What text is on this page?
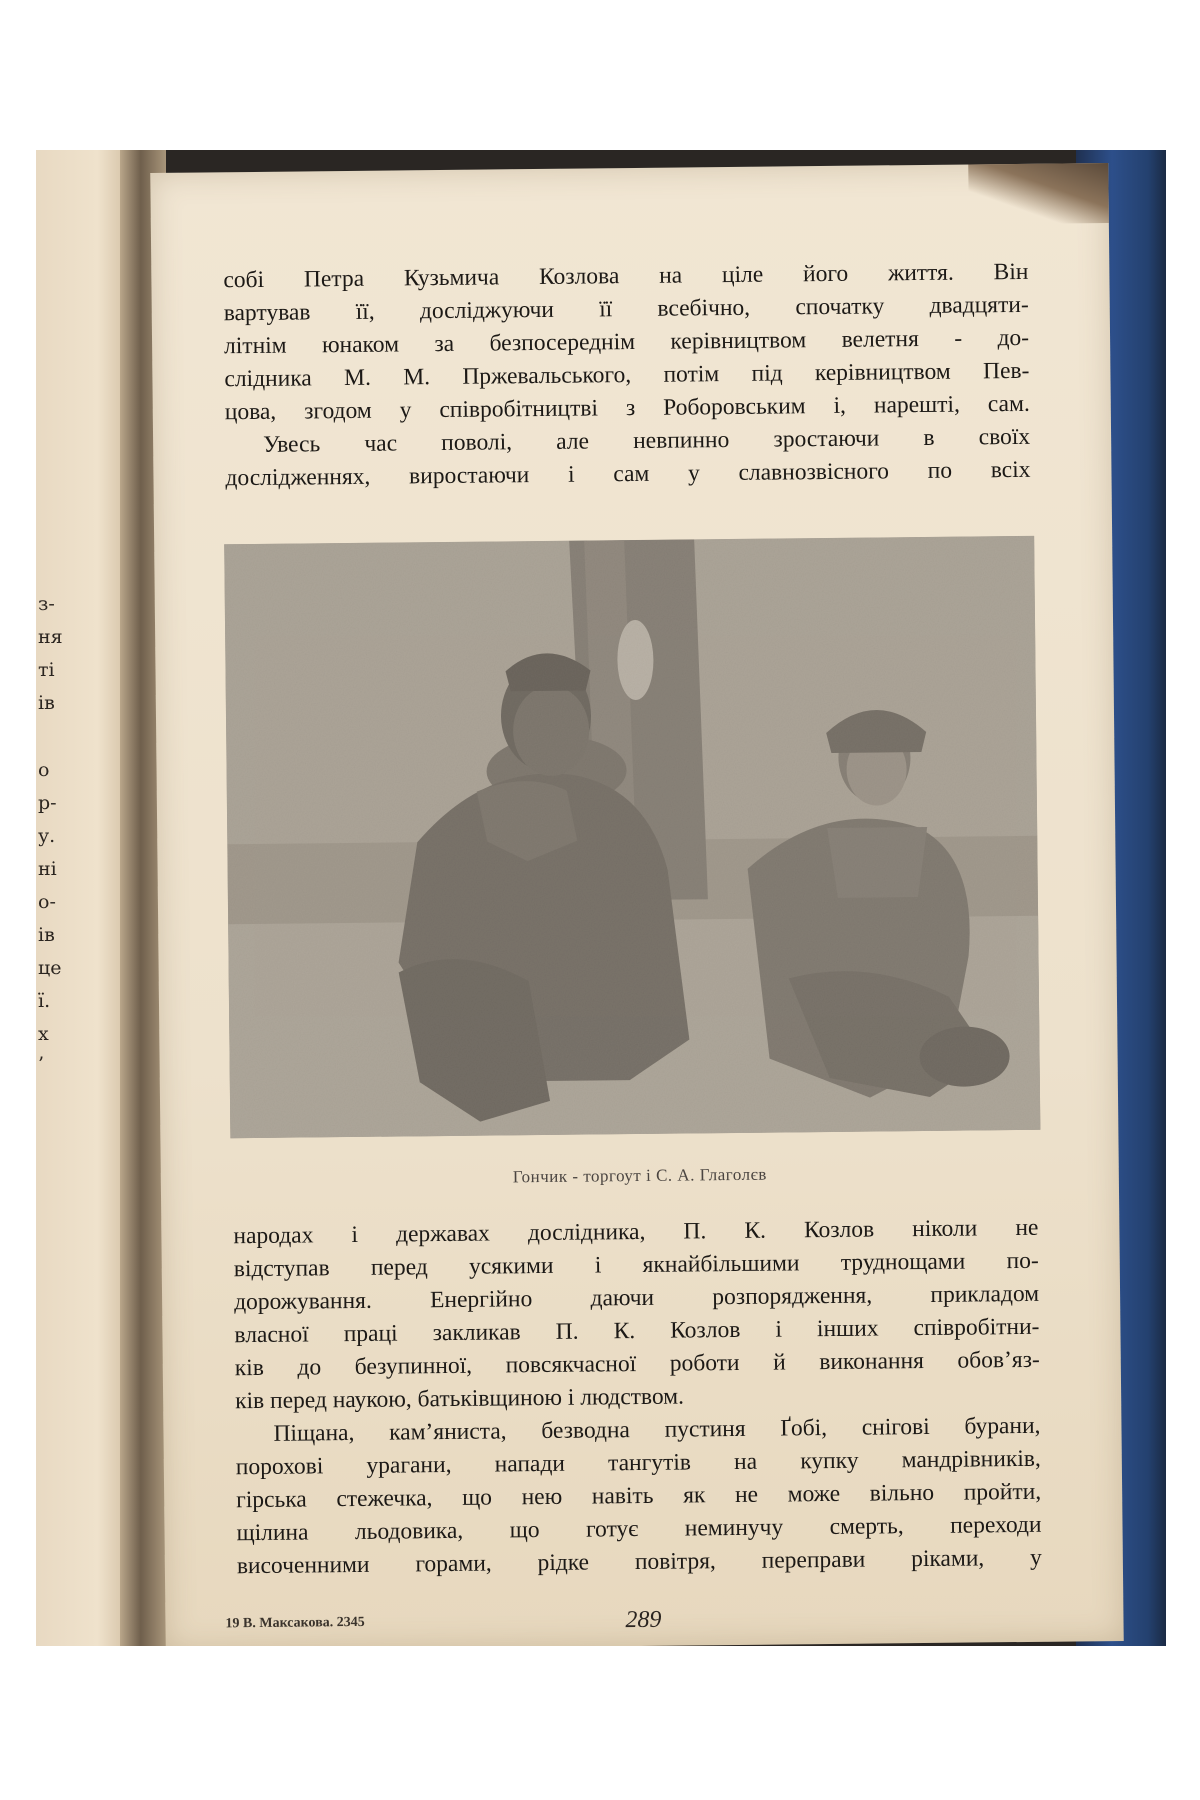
з-
ня
ті
ів
о
р-
у.
ні
о-
ів
це
ї.
х
’
собі Петра Кузьмича Козлова на ціле його життя. Він
вартував її, досліджуючи її всебічно, спочатку двадцяти-
літнім юнаком за безпосереднім керівництвом велетня - до-
слідника М. М. Пржевальського, потім під керівництвом Пев-
цова, згодом у співробітництві з Роборовським і, нарешті, сам.
Увесь час поволі, але невпинно зростаючи в своїх
дослідженнях, виростаючи і сам у славнозвісного по всіх
Гончик - торгоут і С. А. Глаголєв
народах і державах дослідника, П. К. Козлов ніколи не
відступав перед усякими і якнайбільшими труднощами по-
дорожування. Енергійно даючи розпорядження, прикладом
власної праці закликав П. К. Козлов і інших співробітни-
ків до безупинної, повсякчасної роботи й виконання обов’яз-
ків перед наукою, батьківщиною і людством.
Піщана, кам’яниста, безводна пустиня Ґобі, снігові бурани,
порохові урагани, напади тангутів на купку мандрівників,
гірська стежечка, що нею навіть як не може вільно пройти,
щілина льодовика, що готує неминучу смерть, переходи
височенними горами, рідке повітря, переправи ріками, у
19 В. Максакова. 2345	289
